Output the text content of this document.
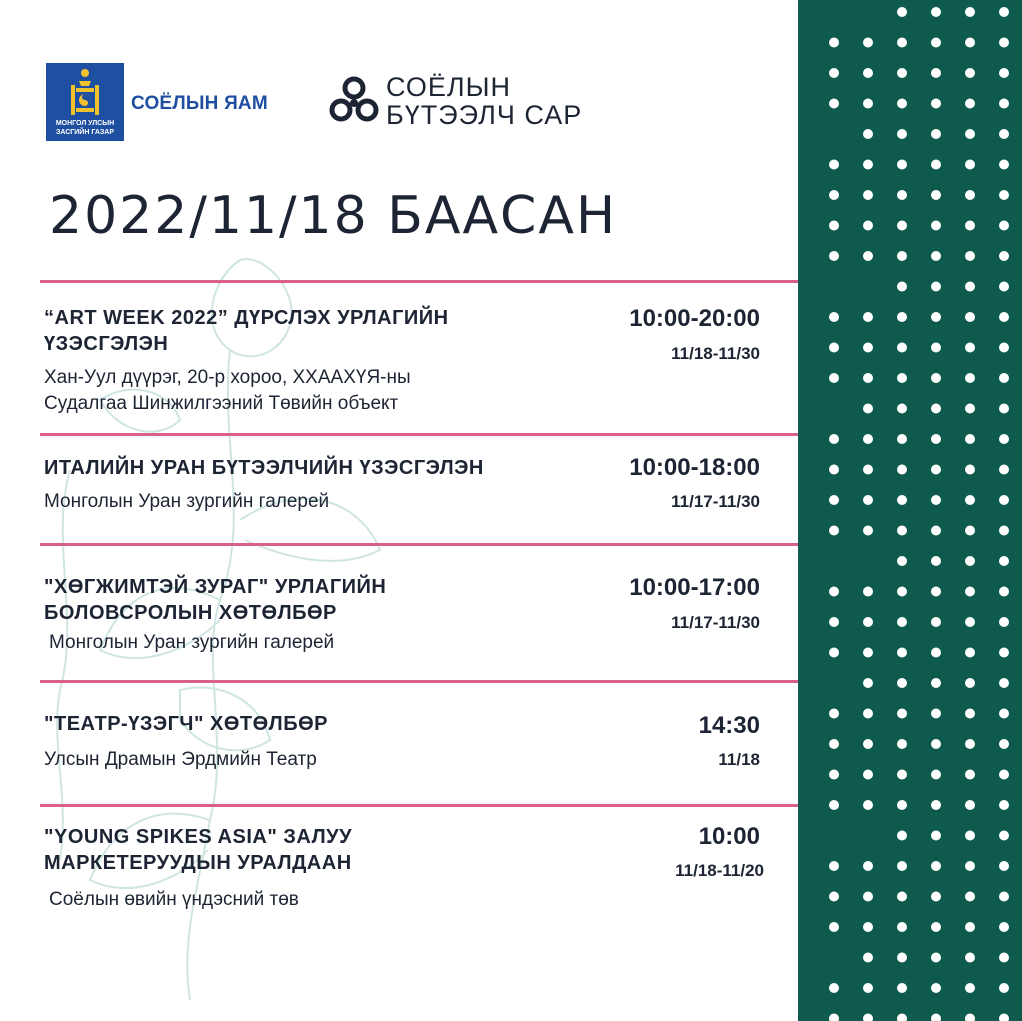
МОНГОЛ УЛСЫН
ЗАСГИЙН ГАЗАР
СОЁЛЫН ЯАМ
СОЁЛЫН
БҮТЭЭЛЧ САР
2022/11/18 БААСАН
“ART WEEK 2022” ДҮРСЛЭХ УРЛАГИЙН
ҮЗЭСГЭЛЭН
Хан-Уул дүүрэг, 20-р хороо, ХХААХҮЯ-ны
Судалгаа Шинжилгээний Төвийн объект
10:00-20:00
11/18-11/30
ИТАЛИЙН УРАН БҮТЭЭЛЧИЙН ҮЗЭСГЭЛЭН
Монголын Уран зургийн галерей
10:00-18:00
11/17-11/30
"ХӨГЖИМТЭЙ ЗУРАГ" УРЛАГИЙН
БОЛОВСРОЛЫН ХӨТӨЛБӨР
Монголын Уран зургийн галерей
10:00-17:00
11/17-11/30
"ТЕАТР-ҮЗЭГЧ" ХӨТӨЛБӨР
Улсын Драмын Эрдмийн Театр
14:30
11/18
"YOUNG SPIKES ASIA" ЗАЛУУ
МАРКЕТЕРУУДЫН УРАЛДААН
Соёлын өвийн үндэсний төв
10:00
11/18-11/20
